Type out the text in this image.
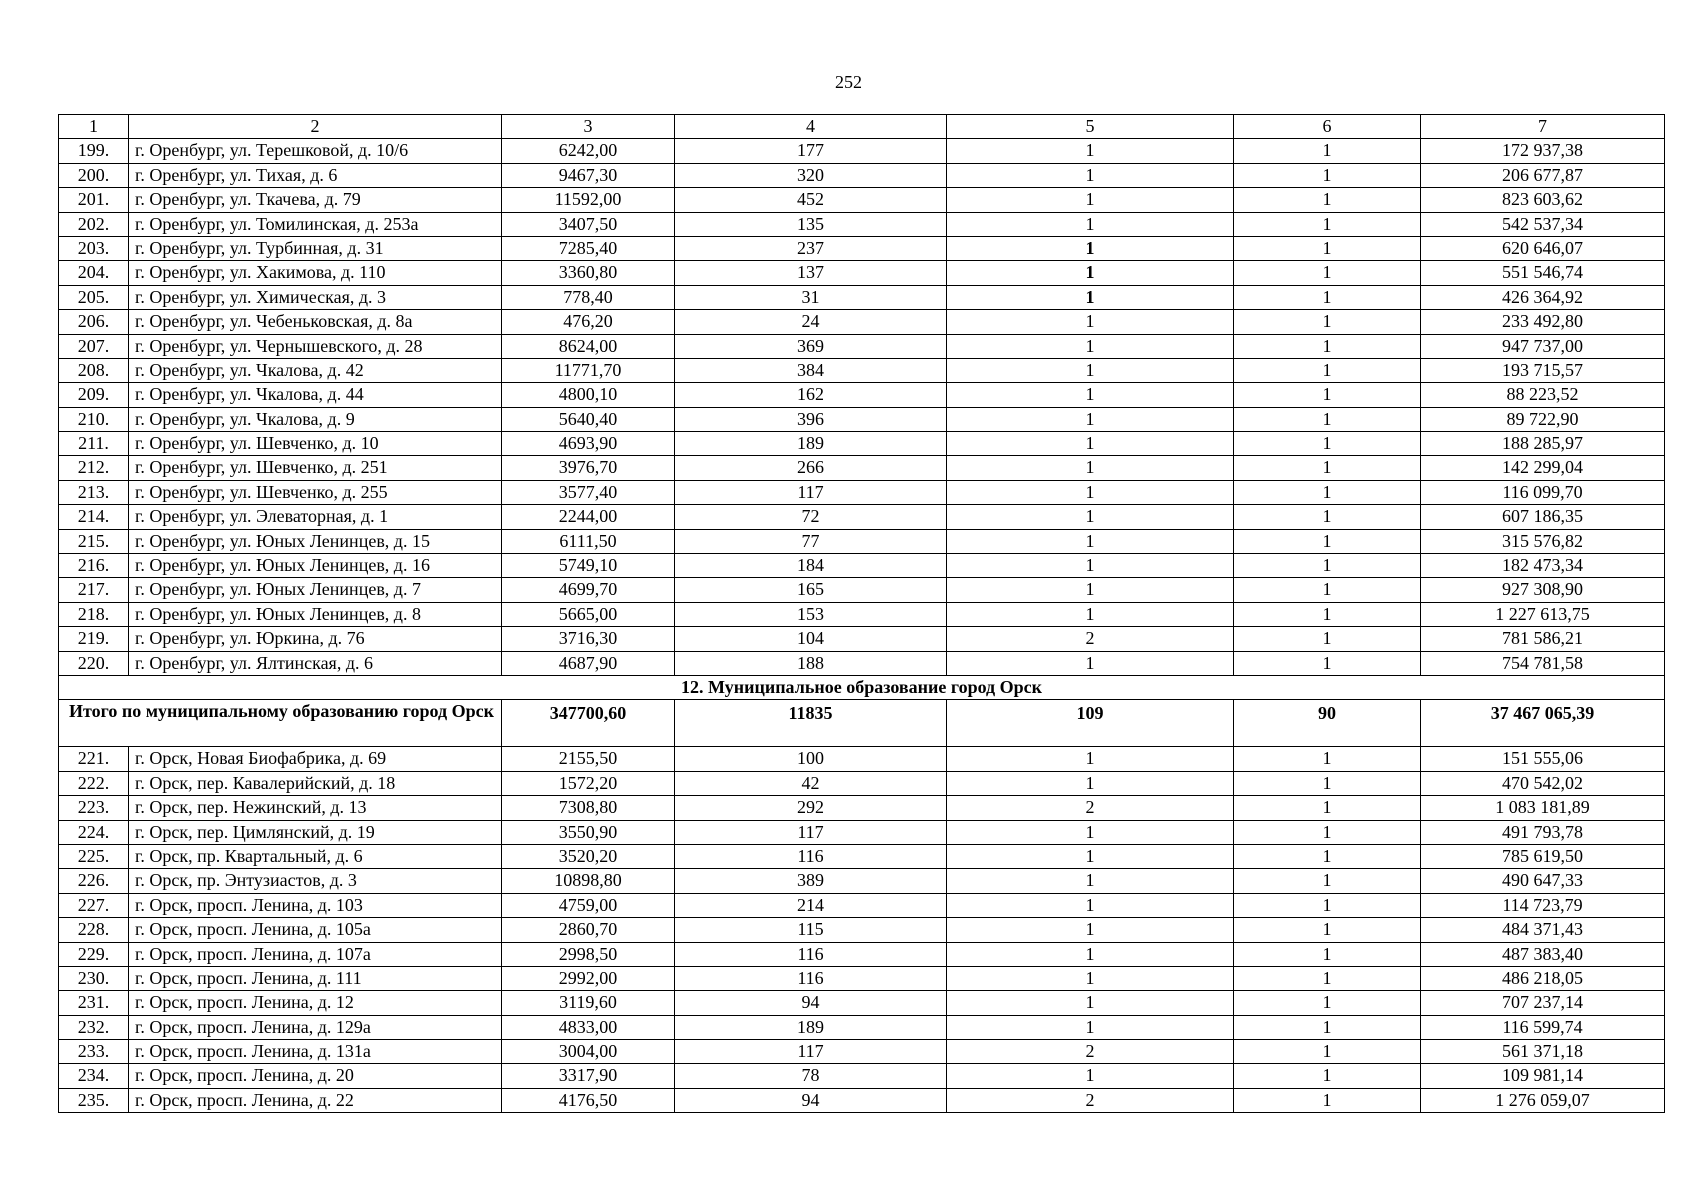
252
1	2	3	4	5	6	7
199.	г. Оренбург, ул. Терешковой, д. 10/6	6242,00	177	1	1	172 937,38
200.	г. Оренбург, ул. Тихая, д. 6	9467,30	320	1	1	206 677,87
201.	г. Оренбург, ул. Ткачева, д. 79	11592,00	452	1	1	823 603,62
202.	г. Оренбург, ул. Томилинская, д. 253а	3407,50	135	1	1	542 537,34
203.	г. Оренбург, ул. Турбинная, д. 31	7285,40	237	1	1	620 646,07
204.	г. Оренбург, ул. Хакимова, д. 110	3360,80	137	1	1	551 546,74
205.	г. Оренбург, ул. Химическая, д. 3	778,40	31	1	1	426 364,92
206.	г. Оренбург, ул. Чебеньковская, д. 8а	476,20	24	1	1	233 492,80
207.	г. Оренбург, ул. Чернышевского, д. 28	8624,00	369	1	1	947 737,00
208.	г. Оренбург, ул. Чкалова, д. 42	11771,70	384	1	1	193 715,57
209.	г. Оренбург, ул. Чкалова, д. 44	4800,10	162	1	1	88 223,52
210.	г. Оренбург, ул. Чкалова, д. 9	5640,40	396	1	1	89 722,90
211.	г. Оренбург, ул. Шевченко, д. 10	4693,90	189	1	1	188 285,97
212.	г. Оренбург, ул. Шевченко, д. 251	3976,70	266	1	1	142 299,04
213.	г. Оренбург, ул. Шевченко, д. 255	3577,40	117	1	1	116 099,70
214.	г. Оренбург, ул. Элеваторная, д. 1	2244,00	72	1	1	607 186,35
215.	г. Оренбург, ул. Юных Ленинцев, д. 15	6111,50	77	1	1	315 576,82
216.	г. Оренбург, ул. Юных Ленинцев, д. 16	5749,10	184	1	1	182 473,34
217.	г. Оренбург, ул. Юных Ленинцев, д. 7	4699,70	165	1	1	927 308,90
218.	г. Оренбург, ул. Юных Ленинцев, д. 8	5665,00	153	1	1	1 227 613,75
219.	г. Оренбург, ул. Юркина, д. 76	3716,30	104	2	1	781 586,21
220.	г. Оренбург, ул. Ялтинская, д. 6	4687,90	188	1	1	754 781,58
12. Муниципальное образование город Орск						
Итого по муниципальному образованию город Орск		347700,60	11835	109	90	37 467 065,39
221.	г. Орск, Новая Биофабрика, д. 69	2155,50	100	1	1	151 555,06
222.	г. Орск, пер. Кавалерийский, д. 18	1572,20	42	1	1	470 542,02
223.	г. Орск, пер. Нежинский, д. 13	7308,80	292	2	1	1 083 181,89
224.	г. Орск, пер. Цимлянский, д. 19	3550,90	117	1	1	491 793,78
225.	г. Орск, пр. Квартальный, д. 6	3520,20	116	1	1	785 619,50
226.	г. Орск, пр. Энтузиастов, д. 3	10898,80	389	1	1	490 647,33
227.	г. Орск, просп. Ленина, д. 103	4759,00	214	1	1	114 723,79
228.	г. Орск, просп. Ленина, д. 105а	2860,70	115	1	1	484 371,43
229.	г. Орск, просп. Ленина, д. 107а	2998,50	116	1	1	487 383,40
230.	г. Орск, просп. Ленина, д. 111	2992,00	116	1	1	486 218,05
231.	г. Орск, просп. Ленина, д. 12	3119,60	94	1	1	707 237,14
232.	г. Орск, просп. Ленина, д. 129а	4833,00	189	1	1	116 599,74
233.	г. Орск, просп. Ленина, д. 131а	3004,00	117	2	1	561 371,18
234.	г. Орск, просп. Ленина, д. 20	3317,90	78	1	1	109 981,14
235.	г. Орск, просп. Ленина, д. 22	4176,50	94	2	1	1 276 059,07
